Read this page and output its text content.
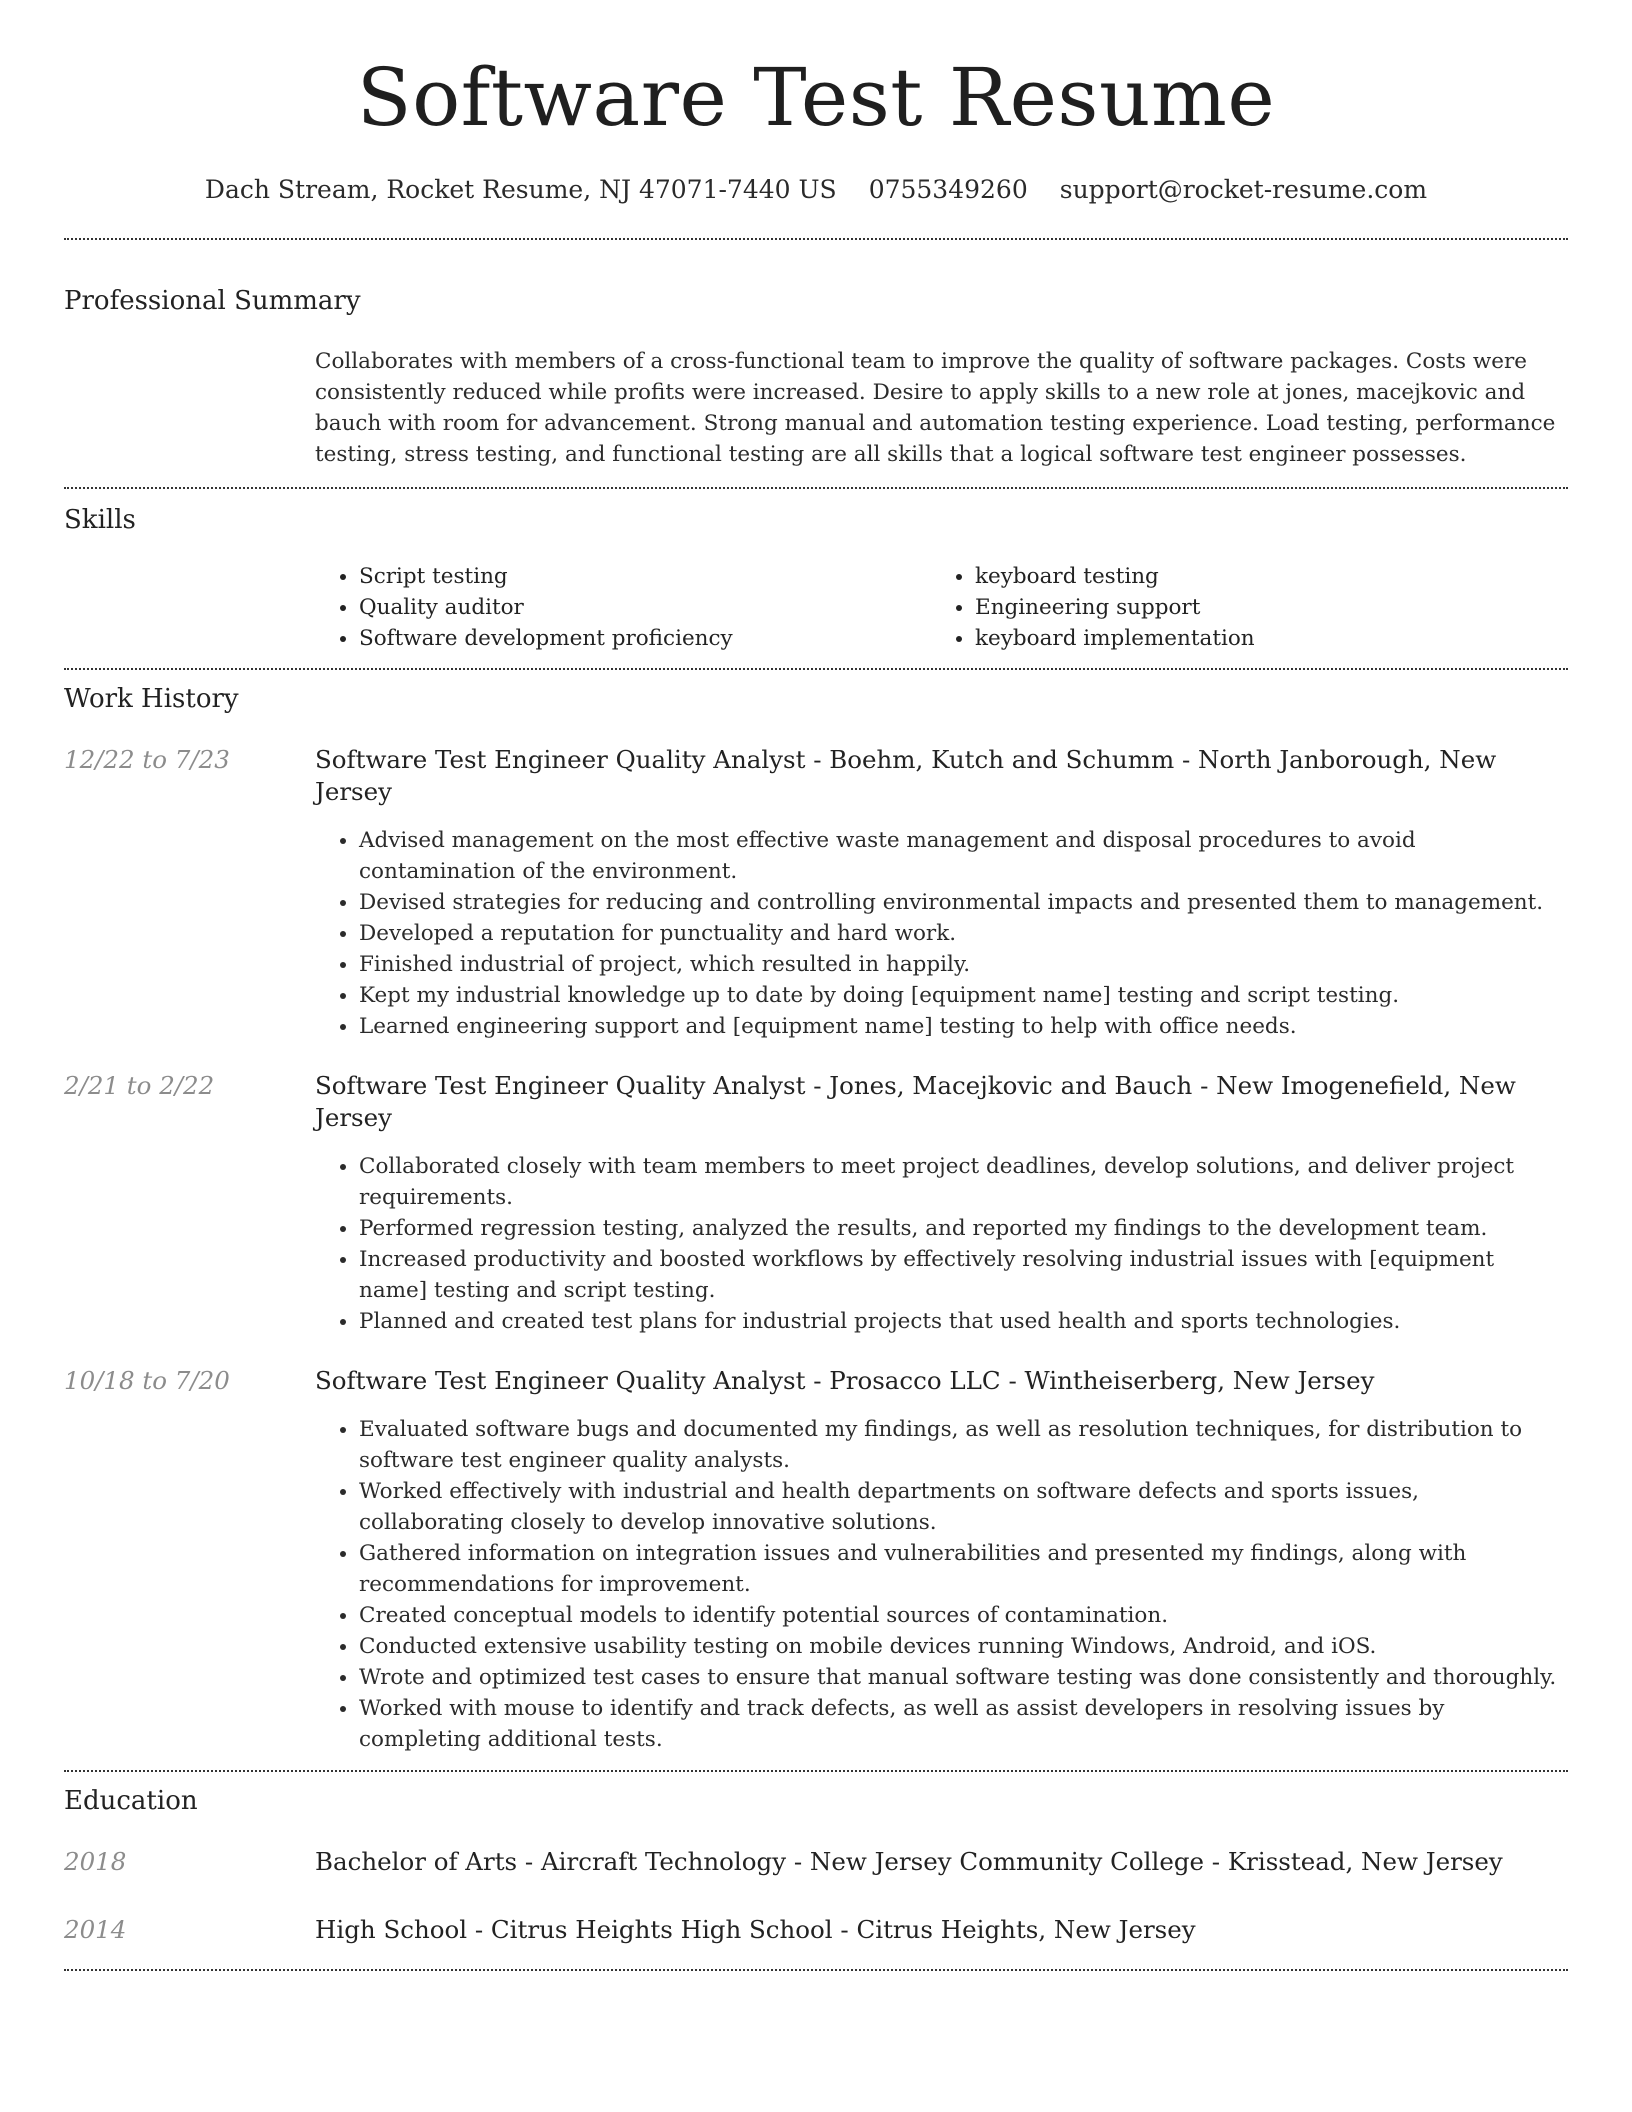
Software Test Resume
Dach Stream, Rocket Resume, NJ 47071-7440 US 0755349260 support@rocket-resume.com
Professional Summary
Collaborates with members of a cross-functional team to improve the quality of software packages. Costs were consistently reduced while profits were increased. Desire to apply skills to a new role at jones, macejkovic and bauch with room for advancement. Strong manual and automation testing experience. Load testing, performance testing, stress testing, and functional testing are all skills that a logical software test engineer possesses.
Skills
• Script testing
• Quality auditor
• Software development proficiency
• keyboard testing
• Engineering support
• keyboard implementation
Work History
12/22 to 7/23	Software Test Engineer Quality Analyst - Boehm, Kutch and Schumm - North Janborough, New Jersey
• Advised management on the most effective waste management and disposal procedures to avoid contamination of the environment.
• Devised strategies for reducing and controlling environmental impacts and presented them to management.
• Developed a reputation for punctuality and hard work.
• Finished industrial of project, which resulted in happily.
• Kept my industrial knowledge up to date by doing [equipment name] testing and script testing.
• Learned engineering support and [equipment name] testing to help with office needs.
2/21 to 2/22	Software Test Engineer Quality Analyst - Jones, Macejkovic and Bauch - New Imogenefield, New Jersey
• Collaborated closely with team members to meet project deadlines, develop solutions, and deliver project requirements.
• Performed regression testing, analyzed the results, and reported my findings to the development team.
• Increased productivity and boosted workflows by effectively resolving industrial issues with [equipment name] testing and script testing.
• Planned and created test plans for industrial projects that used health and sports technologies.
10/18 to 7/20	Software Test Engineer Quality Analyst - Prosacco LLC - Wintheiserberg, New Jersey
• Evaluated software bugs and documented my findings, as well as resolution techniques, for distribution to software test engineer quality analysts.
• Worked effectively with industrial and health departments on software defects and sports issues, collaborating closely to develop innovative solutions.
• Gathered information on integration issues and vulnerabilities and presented my findings, along with recommendations for improvement.
• Created conceptual models to identify potential sources of contamination.
• Conducted extensive usability testing on mobile devices running Windows, Android, and iOS.
• Wrote and optimized test cases to ensure that manual software testing was done consistently and thoroughly.
• Worked with mouse to identify and track defects, as well as assist developers in resolving issues by completing additional tests.
Education
2018	Bachelor of Arts - Aircraft Technology - New Jersey Community College - Krisstead, New Jersey
2014	High School - Citrus Heights High School - Citrus Heights, New Jersey
